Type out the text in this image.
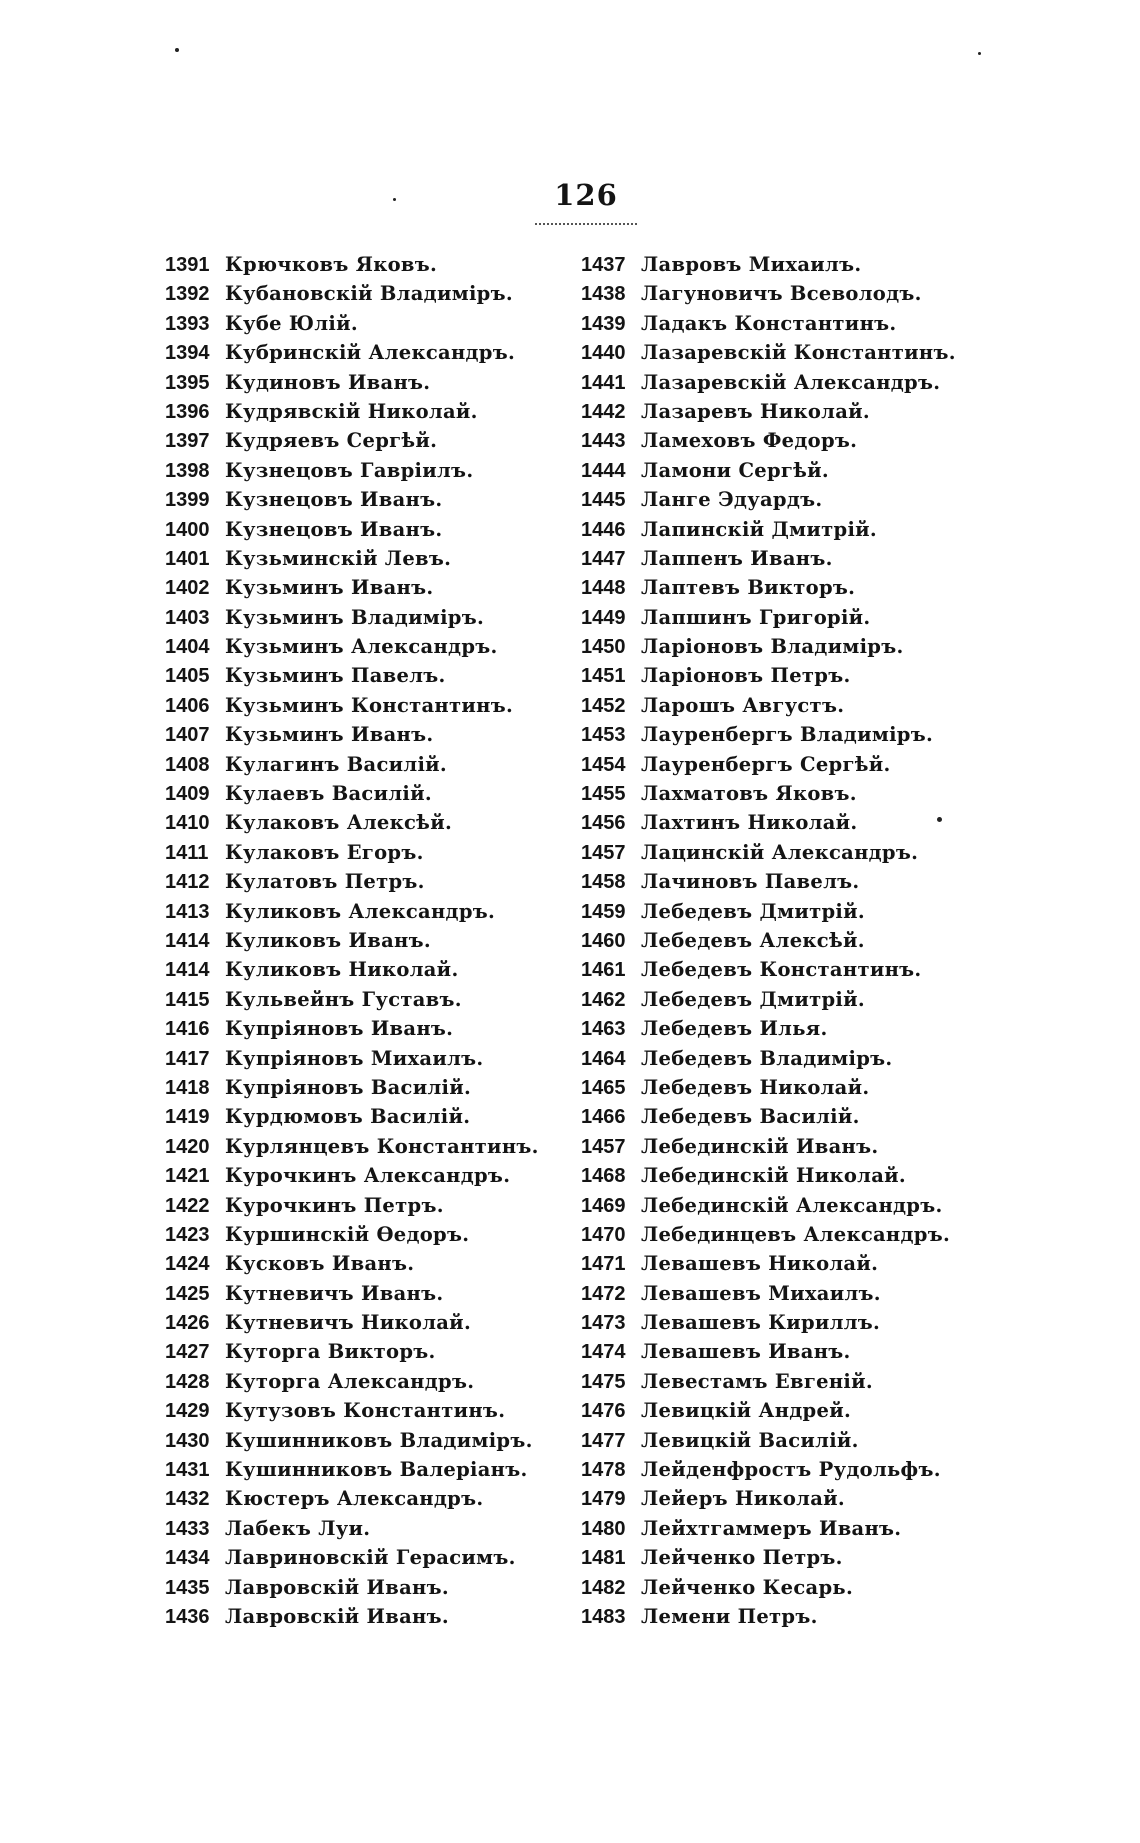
126
1391 Крючковъ Яковъ.
1392 Кубановскій Владиміръ.
1393 Кубе Юлій.
1394 Кубринскій Александръ.
1395 Кудиновъ Иванъ.
1396 Кудрявскій Николай.
1397 Кудряевъ Сергѣй.
1398 Кузнецовъ Гавріилъ.
1399 Кузнецовъ Иванъ.
1400 Кузнецовъ Иванъ.
1401 Кузьминскій Левъ.
1402 Кузьминъ Иванъ.
1403 Кузьминъ Владиміръ.
1404 Кузьминъ Александръ.
1405 Кузьминъ Павелъ.
1406 Кузьминъ Константинъ.
1407 Кузьминъ Иванъ.
1408 Кулагинъ Василій.
1409 Кулаевъ Василій.
1410 Кулаковъ Алексѣй.
1411 Кулаковъ Егоръ.
1412 Кулатовъ Петръ.
1413 Куликовъ Александръ.
1414 Куликовъ Иванъ.
1414 Куликовъ Николай.
1415 Кульвейнъ Густавъ.
1416 Купріяновъ Иванъ.
1417 Купріяновъ Михаилъ.
1418 Купріяновъ Василій.
1419 Курдюмовъ Василій.
1420 Курлянцевъ Константинъ.
1421 Курочкинъ Александръ.
1422 Курочкинъ Петръ.
1423 Куршинскій Ѳедоръ.
1424 Кусковъ Иванъ.
1425 Кутневичъ Иванъ.
1426 Кутневичъ Николай.
1427 Куторга Викторъ.
1428 Куторга Александръ.
1429 Кутузовъ Константинъ.
1430 Кушинниковъ Владиміръ.
1431 Кушинниковъ Валеріанъ.
1432 Кюстеръ Александръ.
1433 Лабекъ Луи.
1434 Лавриновскій Герасимъ.
1435 Лавровскій Иванъ.
1436 Лавровскій Иванъ.
1437 Лавровъ Михаилъ.
1438 Лагуновичъ Всеволодъ.
1439 Ладакъ Константинъ.
1440 Лазаревскій Константинъ.
1441 Лазаревскій Александръ.
1442 Лазаревъ Николай.
1443 Ламеховъ Федоръ.
1444 Ламони Сергѣй.
1445 Ланге Эдуардъ.
1446 Лапинскій Дмитрій.
1447 Лаппенъ Иванъ.
1448 Лаптевъ Викторъ.
1449 Лапшинъ Григорій.
1450 Ларіоновъ Владиміръ.
1451 Ларіоновъ Петръ.
1452 Ларошъ Августъ.
1453 Лауренбергъ Владиміръ.
1454 Лауренбергъ Сергѣй.
1455 Лахматовъ Яковъ.
1456 Лахтинъ Николай.
1457 Лацинскій Александръ.
1458 Лачиновъ Павелъ.
1459 Лебедевъ Дмитрій.
1460 Лебедевъ Алексѣй.
1461 Лебедевъ Константинъ.
1462 Лебедевъ Дмитрій.
1463 Лебедевъ Илья.
1464 Лебедевъ Владиміръ.
1465 Лебедевъ Николай.
1466 Лебедевъ Василій.
1457 Лебединскій Иванъ.
1468 Лебединскій Николай.
1469 Лебединскій Александръ.
1470 Лебединцевъ Александръ.
1471 Левашевъ Николай.
1472 Левашевъ Михаилъ.
1473 Левашевъ Кириллъ.
1474 Левашевъ Иванъ.
1475 Левестамъ Евгеній.
1476 Левицкій Андрей.
1477 Левицкій Василій.
1478 Лейденфростъ Рудольфъ.
1479 Лейеръ Николай.
1480 Лейхтгаммеръ Иванъ.
1481 Лейченко Петръ.
1482 Лейченко Кесарь.
1483 Лемени Петръ.
